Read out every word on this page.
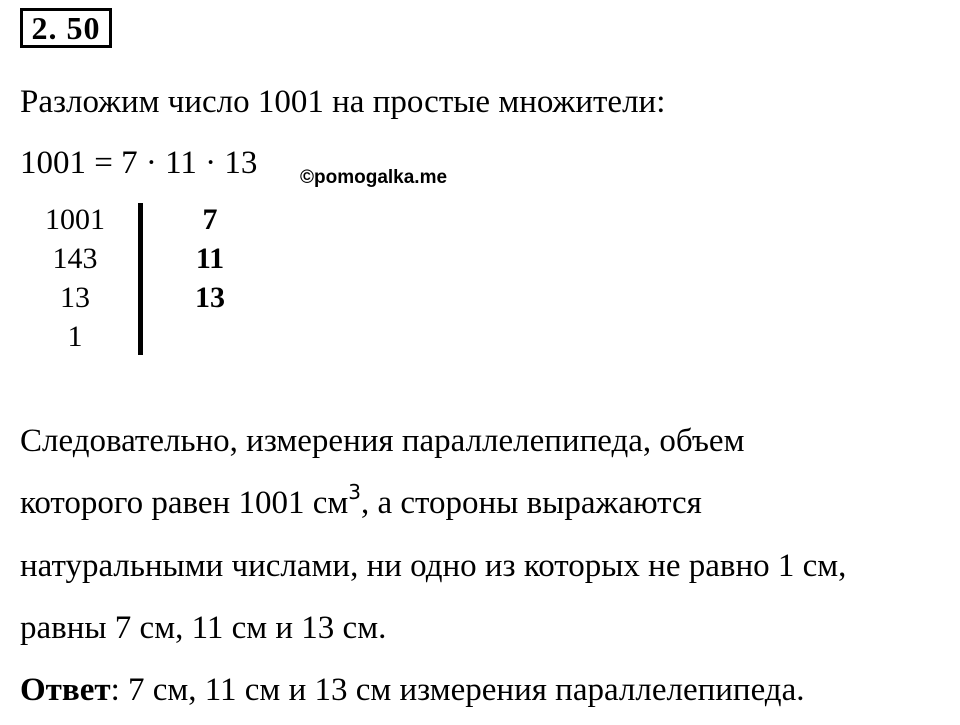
2. 50
Разложим число 1001 на простые множители:
1001 = 7 · 11 · 13 ©pomogalka.me
1001
143
13
1
7
11
13
Следовательно, измерения параллелепипеда, объем
которого равен 1001 $см^3$, а стороны выражаются
натуральными числами, ни одно из которых не равно 1 см,
равны 7 см, 11 см и 13 см.
Ответ: 7 см, 11 см и 13 см измерения параллелепипеда.
